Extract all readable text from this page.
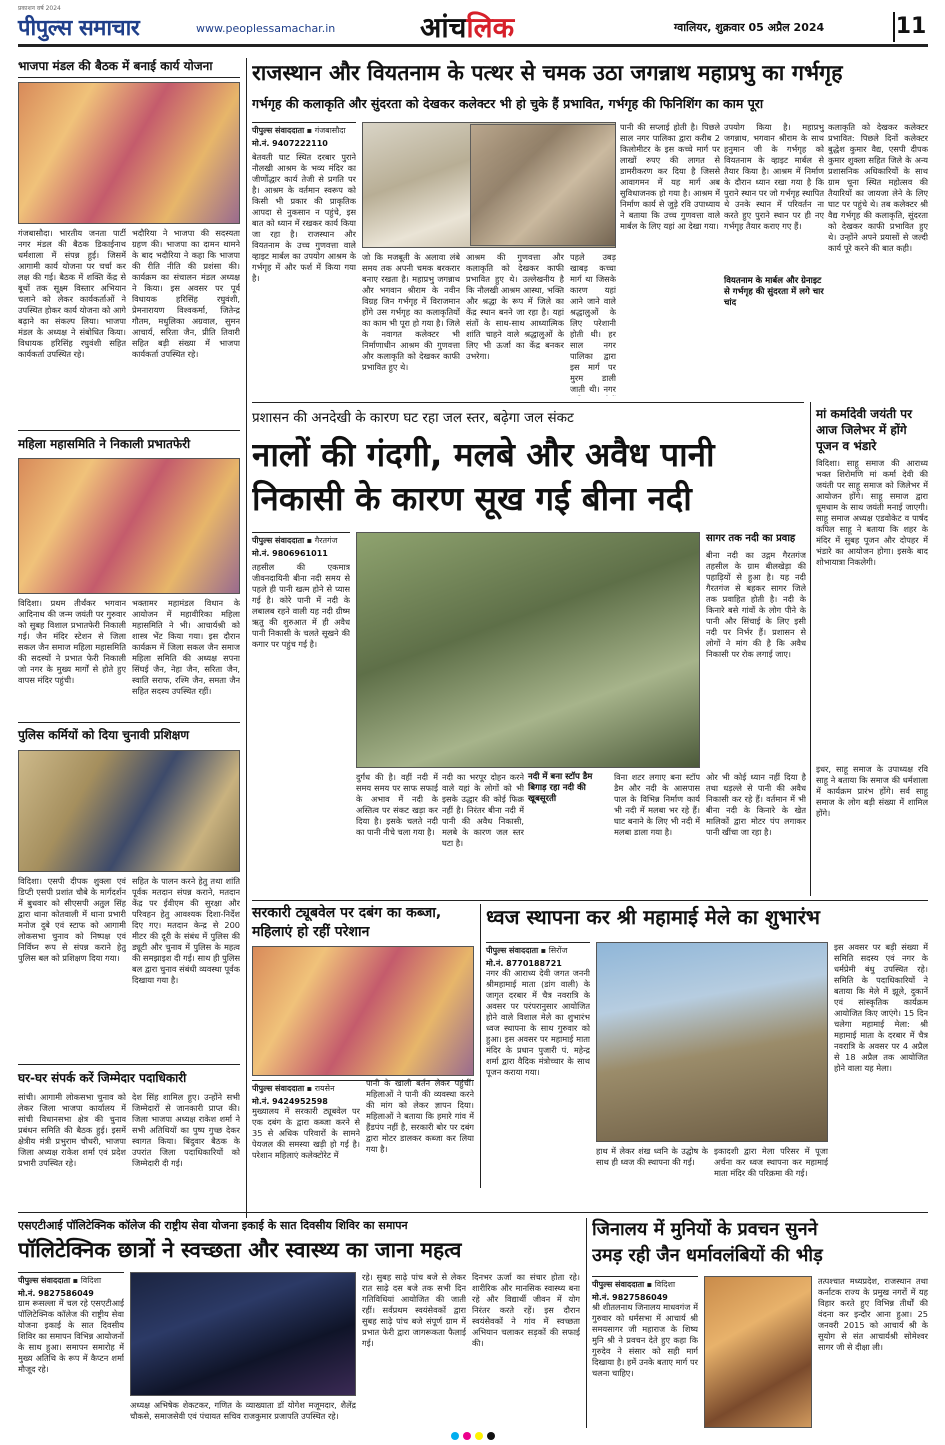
प्रकाशन वर्ष 2024
पीपुल्स समाचार	www.peoplessamachar.in	आंचलिक	ग्वालियर, शुक्रवार 05 अप्रैल 2024	11
भाजपा मंडल की बैठक में बनाई कार्य योजना
गंजबासौदा। भारतीय जनता पार्टी नगर मंडल की बैठक डिकाईनाथ धर्मशाला में संपन्न हुई। जिसमें आगामी कार्य योजना पर चर्चा कर लक्ष की गई। बैठक में शक्ति केंद्र से बूथों तक सूक्ष्म विस्तार अभियान चलाने को लेकर कार्यकर्ताओं ने उपस्थित होकर कार्य योजना को आगे बढ़ाने का संकल्प लिया। भाजपा मंडल के अध्यक्ष ने संबोधित किया। विधायक हरिसिंह रघुवंशी सहित कार्यकर्ता उपस्थित रहे।
भदौरिया ने भाजपा की सदस्यता ग्रहण की। भाजपा का दामन थामने के बाद भदौरिया ने कहा कि भाजपा की रीति नीति की प्रशंसा की। कार्यक्रम का संचालन मंडल अध्यक्ष ने किया। इस अवसर पर पूर्व विधायक हरिसिंह रघुवंशी, प्रेमनारायण विश्वकर्मा, जितेन्द्र गौतम, मधुलिका अग्रवाल, सुमन आचार्य, सरिता जैन, प्रीति तिवारी सहित बड़ी संख्या में भाजपा कार्यकर्ता उपस्थित रहे।
महिला महासमिति ने निकाली प्रभातफेरी
विदिशा। प्रथम तीर्थंकर भगवान आदिनाथ की जन्म जयंती पर गुरुवार को सुबह विशाल प्रभातफेरी निकाली गई। जैन मंदिर स्टेशन से जिला सकल जैन समाज महिला महासमिति की सदस्यों ने प्रभात फेरी निकाली जो नगर के मुख्य मार्गों से होते हुए वापस मंदिर पहुंची।
भक्तामर महामंडल विधान के आयोजन में महावीरिका महिला महासमिति ने भी। आचार्यश्री को शास्त्र भेंट किया गया। इस दौरान कार्यक्रम में जिला सकल जैन समाज महिला समिति की अध्यक्ष सपना सिंघई जैन, नेहा जैन, सरिता जैन, स्वाति सराफ, रश्मि जैन, समता जैन सहित सदस्य उपस्थित रहीं।
पुलिस कर्मियों को दिया चुनावी प्रशिक्षण
विदिशा। एसपी दीपक शुक्ला एवं डिप्टी एसपी प्रशांत चौबे के मार्गदर्शन में बुधवार को सीएसपी अतुल सिंह द्वारा थाना कोतवाली में थाना प्रभारी मनोज दुबे एवं स्टाफ को आगामी लोकसभा चुनाव को निष्पक्ष एवं निर्विघ्न रूप से संपन्न कराने हेतु पुलिस बल को प्रशिक्षण दिया गया।
सहित के पालन करने हेतु तथा शांति पूर्वक मतदान संपन्न कराने, मतदान केंद्र पर ईवीएम की सुरक्षा और परिवहन हेतु आवश्यक दिशा-निर्देश दिए गए। मतदान केन्द्र से 200 मीटर की दूरी के संबंध में पुलिस की ड्यूटी और चुनाव में पुलिस के महत्व की समझाइश दी गई। साथ ही पुलिस बल द्वारा चुनाव संबंधी व्यवस्था पूर्वक दिखाया गया है।
घर-घर संपर्क करें जिम्मेदार पदाधिकारी
सांची। आगामी लोकसभा चुनाव को लेकर जिला भाजपा कार्यालय में सांची विधानसभा क्षेत्र की चुनाव प्रबंधन समिति की बैठक हुई। इसमें क्षेत्रीय मंत्री प्रभुराम चौधरी, भाजपा जिला अध्यक्ष राकेश शर्मा एवं प्रदेश प्रभारी उपस्थित रहे।
देश सिंह शामिल हुए। उन्होंने सभी जिम्मेदारों से जानकारी प्राप्त की। जिला भाजपा अध्यक्ष राकेश शर्मा ने सभी अतिथियों का पुष्प गुच्छ देकर स्वागत किया। बिंदुवार बैठक के उपरांत जिला पदाधिकारियों को जिम्मेदारी दी गई।
राजस्थान और वियतनाम के पत्थर से चमक उठा जगन्नाथ महाप्रभु का गर्भगृह
गर्भगृह की कलाकृति और सुंदरता को देखकर कलेक्टर भी हो चुके हैं प्रभावित, गर्भगृह की फिनिशिंग का काम पूरा
पीपुल्स संवाददाता ▪ गंजबासौदा
मो.नं. 9407222110
बेतवती घाट स्थित दरबार पुराने नौलखी आश्रम के भव्य मंदिर का जीर्णोद्धार कार्य तेजी से प्रगति पर है। आश्रम के वर्तमान स्वरूप को किसी भी प्रकार की प्राकृतिक आपदा से नुकसान न पहुंचे, इस बात को ध्यान में रखकर कार्य किया जा रहा है। राजस्थान और वियतनाम के उच्च गुणवत्ता वाले व्हाइट मार्बल का उपयोग आश्रम के गर्भगृह में और फर्श में किया गया है।
जो कि मजबूती के अलावा लंबे समय तक अपनी चमक बरकरार बनाए रखता है। महाप्रभु जगन्नाथ और भगवान श्रीराम के नवीन विग्रह जिन गर्भगृह में विराजमान होंगे उस गर्भगृह का कलाकृतियों का काम भी पूरा हो गया है। जिले के नवागत कलेक्टर भी निर्माणाधीन आश्रम की गुणवत्ता और कलाकृति को देखकर काफी प्रभावित हुए थे।
आश्रम की गुणवत्ता और कलाकृति को देखकर काफी प्रभावित हुए थे। उल्लेखनीय है कि नौलखी आश्रम आस्था, भक्ति और श्रद्धा के रूप में जिले का केंद्र स्थान बनने जा रहा है। यहां संतों के साथ-साथ आध्यात्मिक शांति चाहने वाले श्रद्धालुओं के लिए भी ऊर्जा का केंद्र बनकर उभरेगा।
पहले उबड़ खाबड़ कच्चा मार्ग था जिसके कारण यहां आने जाने वाले श्रद्धालुओं के लिए परेशानी होती थी। हर साल नगर पालिका द्वारा इस मार्ग पर मुरम डाली जाती थी। नगर
पानी की सप्लाई होती है। पिछले साल नगर पालिका द्वारा करीब 2 किलोमीटर के इस कच्चे मार्ग पर लाखों रुपए की लागत से डामरीकरण कर दिया है जिससे आवागमन में यह मार्ग अब सुविधाजनक हो गया है। आश्रम में निर्माण कार्य से जुड़े रवि उपाध्याय ने बताया कि उच्च गुणवत्ता वाले मार्बल के लिए यहां आ देखा गया।
उपयोग किया है। महाप्रभु जगन्नाथ, भगवान श्रीराम के साथ हनुमान जी के गर्भगृह को वियतनाम के व्हाइट मार्बल से तैयार किया है। आश्रम में निर्माण के दौरान ध्यान रखा गया है कि पुराने स्थान पर जो गर्भगृह स्थापित थे उनके स्थान में परिवर्तन ना करते हुए पुराने स्थान पर ही नए गर्भगृह तैयार कराए गए हैं।
वियतनाम के मार्बल और ग्रेनाइट से गर्भगृह की सुंदरता में लगे चार चांद
कलाकृति को देखकर कलेक्टर प्रभावित: पिछले दिनों कलेक्टर बुद्धेश कुमार वैद्य, एसपी दीपक कुमार शुक्ला सहित जिले के अन्य प्रशासनिक अधिकारियों के साथ ग्राम चूना स्थित महोत्सव की तैयारियों का जायजा लेने के लिए घाट पर पहुंचे थे। तब कलेक्टर श्री वैद्य गर्भगृह की कलाकृति, सुंदरता को देखकर काफी प्रभावित हुए थे। उन्होंने अपने प्रयासों से जल्दी कार्य पूरे करने की बात कही।
प्रशासन की अनदेखी के कारण घट रहा जल स्तर, बढ़ेगा जल संकट
नालों की गंदगी, मलबे और अवैध पानी
निकासी के कारण सूख गई बीना नदी
पीपुल्स संवाददाता ▪ गैरतगंज
मो.नं. 9806961011
तहसील की एकमात्र जीवनदायिनी बीना नदी समय से पहले ही पानी खत्म होने से प्यास गई है। कोरे पानी में नदी के लबालब रहने वाली यह नदी ग्रीष्म ऋतु की शुरुआत में ही अवैध पानी निकासी के चलते सूखने की कगार पर पहुंच गई है।
दुर्गंध की है। वहीं नदी में समय समय पर साफ सफाई के अभाव में नदी के अस्तित्व पर संकट खड़ा कर दिया है। इसके चलते नदी का पानी नीचे चला गया है।
नदी का भरपूर दोहन करने वाले यहां के लोगों को भी इसके उद्धार की कोई फिक्र नहीं है। निरंतर बीना नदी में पानी की अवैध निकासी, मलबे के कारण जल स्तर घटा है।
नदी में बना स्टॉप डैम बिगाड़ रहा नदी की खूबसूरती
विना शटर लगाए बना स्टॉप डैम और नदी के आसपास पाल के विभिन्न निर्माण कार्य भी नदी में मलबा भर रहे हैं। घाट बनाने के लिए भी नदी में मलबा डाला गया है।
सागर तक नदी का प्रवाह
बीना नदी का उद्गम गैरतगंज तहसील के ग्राम बीलखेड़ा की पहाड़ियों से हुआ है। यह नदी गैरतगंज से बहकर सागर जिले तक प्रवाहित होती है। नदी के किनारे बसे गांवों के लोग पीने के पानी और सिंचाई के लिए इसी नदी पर निर्भर हैं। प्रशासन से लोगों ने मांग की है कि अवैध निकासी पर रोक लगाई जाए।
ओर भी कोई ध्यान नहीं दिया है तथा धड़ल्ले से पानी की अवैध निकासी कर रहे हैं। वर्तमान में भी बीना नदी के किनारे के खेत मालिकों द्वारा मोटर पंप लगाकर पानी खींचा जा रहा है।
मां कर्मादेवी जयंती पर आज जिलेभर में होंगे पूजन व भंडारे
विदिशा। साहू समाज की आराध्य भक्त शिरोमणि मां कर्मा देवी की जयंती पर साहू समाज को जिलेभर में आयोजन होंगे। साहू समाज द्वारा धूमधाम के साथ जयंती मनाई जाएगी। साहू समाज अध्यक्ष एडवोकेट व पार्षद कपिल साहू ने बताया कि शहर के मंदिर में सुबह पूजन और दोपहर में भंडारे का आयोजन होगा। इसके बाद शोभायात्रा निकलेगी।
इधर, साहू समाज के उपाध्यक्ष रवि साहू ने बताया कि समाज की धर्मशाला में कार्यक्रम प्रारंभ होंगे। सर्व साहू समाज के लोग बड़ी संख्या में शामिल होंगे।
सरकारी ट्यूबवेल पर दबंग का कब्जा, महिलाएं हो रहीं परेशान
पीपुल्स संवाददाता ▪ रायसेन
मो.नं. 9424952598
मुख्यालय में सरकारी ट्यूबवेल पर एक दबंग के द्वारा कब्जा करने से 35 से अधिक परिवारों के सामने पेयजल की समस्या खड़ी हो गई है। परेशान महिलाएं कलेक्टोरेट में
पानी के खाली बर्तन लेकर पहुंचीं। महिलाओं ने पानी की व्यवस्था करने की मांग को लेकर ज्ञापन दिया। महिलाओं ने बताया कि हमारे गांव में हैंडपंप नहीं है, सरकारी बोर पर दबंग द्वारा मोटर डालकर कब्जा कर लिया गया है।
ध्वज स्थापना कर श्री महामाई मेले का शुभारंभ
पीपुल्स संवाददाता ▪ सिरोंज
मो.नं. 8770188721
नगर की आराध्य देवी जगत जननी श्रीमहामाई माता (डांग वाली) के जागृत दरबार में चैत्र नवरात्रि के अवसर पर परंपरानुसार आयोजित होने वाले विशाल मेले का शुभारंभ ध्वज स्थापना के साथ गुरुवार को हुआ। इस अवसर पर महामाई माता मंदिर के प्रधान पुजारी पं. महेन्द्र शर्मा द्वारा वैदिक मंत्रोच्चार के साथ पूजन कराया गया।
हाथ में लेकर शंख ध्वनि के उद्घोष के साथ ही ध्वज की स्थापना की गई।
इकादशी द्वारा मेला परिसर में पूजा अर्चना कर ध्वज स्थापना कर महामाई माता मंदिर की परिक्रमा की गई।
इस अवसर पर बड़ी संख्या में समिति सदस्य एवं नगर के धर्मप्रेमी बंधु उपस्थित रहे। समिति के पदाधिकारियों ने बताया कि मेले में झूले, दुकानें एवं सांस्कृतिक कार्यक्रम आयोजित किए जाएंगे। 15 दिन चलेगा महामाई मेला: श्री महामाई माता के दरबार में चैत्र नवरात्रि के अवसर पर 4 अप्रैल से 18 अप्रैल तक आयोजित होने वाला यह मेला।
एसएटीआई पॉलिटेक्निक कॉलेज की राष्ट्रीय सेवा योजना इकाई के सात दिवसीय शिविर का समापन
पॉलिटेक्निक छात्रों ने स्वच्छता और स्वास्थ्य का जाना महत्व
पीपुल्स संवाददाता ▪ विदिशा
मो.नं. 9827586049
ग्राम रूसल्ला में चल रहे एसएटीआई पॉलिटेक्निक कॉलेज की राष्ट्रीय सेवा योजना इकाई के सात दिवसीय शिविर का समापन विभिन्न आयोजनों के साथ हुआ। समापन समारोह में मुख्य अतिथि के रूप में कैप्टन शर्मा मौजूद रहे।
अध्यक्ष अभिषेक शेकटकर, गणित के व्याख्याता डॉ योगेश मजूमदार, शैलेंद्र चौकसे, समाजसेवी एवं पंचायत सचिव राजकुमार प्रजापति उपस्थित रहे।
रहे। सुबह साढ़े पांच बजे से लेकर रात साढ़े दस बजे तक सभी दिन गतिविधियां आयोजित की जाती रहीं। सर्वप्रथम स्वयंसेवकों द्वारा सुबह साढ़े पांच बजे संपूर्ण ग्राम में प्रभात फेरी द्वारा जागरूकता फैलाई गई।
दिनभर ऊर्जा का संचार होता रहे। शारीरिक और मानसिक स्वास्थ्य बना रहे और विद्यार्थी जीवन में योग निरंतर करते रहें। इस दौरान स्वयंसेवकों ने गांव में स्वच्छता अभियान चलाकर सड़कों की सफाई की।
जिनालय में मुनियों के प्रवचन सुनने
उमड़ रही जैन धर्मावलंबियों की भीड़
पीपुल्स संवाददाता ▪ विदिशा
मो.नं. 9827586049
श्री शीतलनाथ जिनालय माधवगंज में गुरुवार को धर्मसभा में आचार्य श्री समयसागर जी महाराज के शिष्य मुनि श्री ने प्रवचन देते हुए कहा कि गुरुदेव ने संसार को सही मार्ग दिखाया है। हमें उनके बताए मार्ग पर चलना चाहिए।
तत्पश्चात मध्यप्रदेश, राजस्थान तथा कर्नाटक राज्य के प्रमुख नगरों में यह विहार करते हुए विभिन्न तीर्थों की वंदना कर इन्दौर आना हुआ। 25 जनवरी 2015 को आचार्य श्री के सुयोग से संत आचार्यश्री सोमेश्वर सागर जी से दीक्षा ली।
